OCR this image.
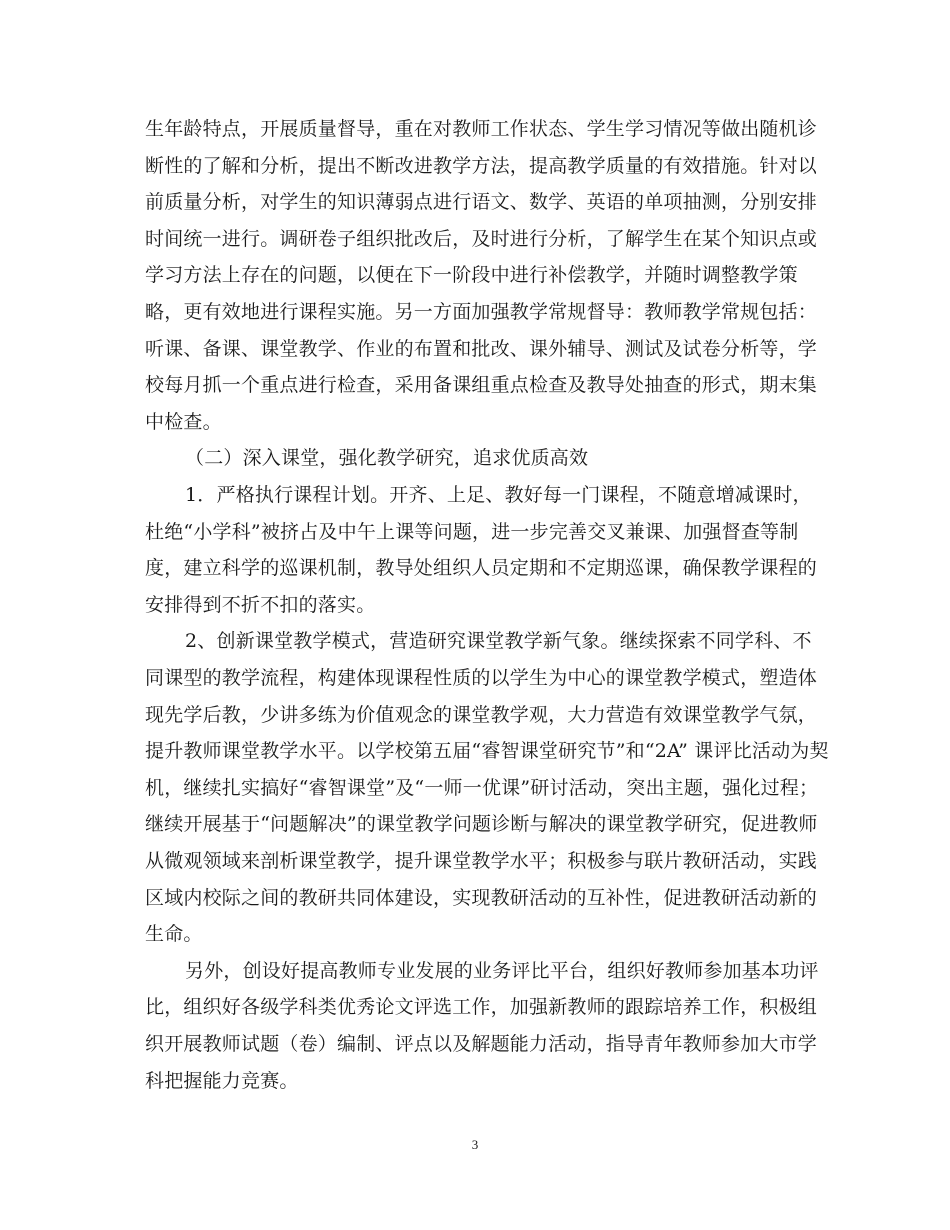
生年龄特点，开展质量督导，重在对教师工作状态、学生学习情况等做出随机诊
断性的了解和分析，提出不断改进教学方法，提高教学质量的有效措施。针对以
前质量分析，对学生的知识薄弱点进行语文、数学、英语的单项抽测，分别安排
时间统一进行。调研卷子组织批改后，及时进行分析，了解学生在某个知识点或
学习方法上存在的问题，以便在下一阶段中进行补偿教学，并随时调整教学策
略，更有效地进行课程实施。另一方面加强教学常规督导：教师教学常规包括：
听课、备课、课堂教学、作业的布置和批改、课外辅导、测试及试卷分析等，学
校每月抓一个重点进行检查，采用备课组重点检查及教导处抽查的形式，期末集
中检查。
（二）深入课堂，强化教学研究，追求优质高效
1．严格执行课程计划。开齐、上足、教好每一门课程，不随意增减课时，
杜绝“小学科”被挤占及中午上课等问题，进一步完善交叉兼课、加强督查等制
度，建立科学的巡课机制，教导处组织人员定期和不定期巡课，确保教学课程的
安排得到不折不扣的落实。
2、创新课堂教学模式，营造研究课堂教学新气象。继续探索不同学科、不
同课型的教学流程，构建体现课程性质的以学生为中心的课堂教学模式，塑造体
现先学后教，少讲多练为价值观念的课堂教学观，大力营造有效课堂教学气氛，
提升教师课堂教学水平。以学校第五届“睿智课堂研究节”和“2A” 课评比活动为契
机，继续扎实搞好“睿智课堂”及“一师一优课”研讨活动，突出主题，强化过程；
继续开展基于“问题解决”的课堂教学问题诊断与解决的课堂教学研究，促进教师
从微观领域来剖析课堂教学，提升课堂教学水平；积极参与联片教研活动，实践
区域内校际之间的教研共同体建设，实现教研活动的互补性，促进教研活动新的
生命。
另外，创设好提高教师专业发展的业务评比平台，组织好教师参加基本功评
比，组织好各级学科类优秀论文评选工作，加强新教师的跟踪培养工作，积极组
织开展教师试题（卷）编制、评点以及解题能力活动，指导青年教师参加大市学
科把握能力竞赛。
3
